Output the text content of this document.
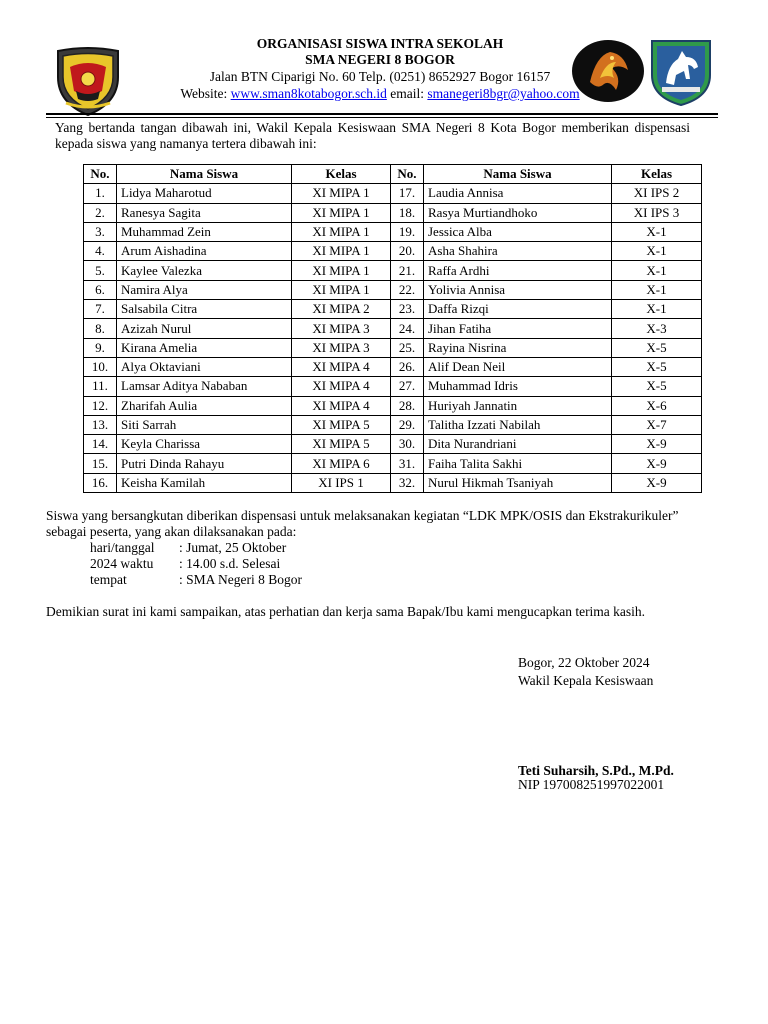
ORGANISASI SISWA INTRA SEKOLAH
SMA NEGERI 8 BOGOR
Jalan BTN Ciparigi No. 60 Telp. (0251) 8652927 Bogor 16157
Website: www.sman8kotabogor.sch.id email: smanegeri8bgr@yahoo.com
Yang bertanda tangan dibawah ini, Wakil Kepala Kesiswaan SMA Negeri 8 Kota Bogor memberikan dispensasi kepada siswa yang namanya tertera dibawah ini:
No.	Nama Siswa	Kelas	No.	Nama Siswa	Kelas
1.	Lidya Maharotud	XI MIPA 1	17.	Laudia Annisa	XI IPS 2
2.	Ranesya Sagita	XI MIPA 1	18.	Rasya Murtiandhoko	XI IPS 3
3.	Muhammad Zein	XI MIPA 1	19.	Jessica Alba	X-1
4.	Arum Aishadina	XI MIPA 1	20.	Asha Shahira	X-1
5.	Kaylee Valezka	XI MIPA 1	21.	Raffa Ardhi	X-1
6.	Namira Alya	XI MIPA 1	22.	Yolivia Annisa	X-1
7.	Salsabila Citra	XI MIPA 2	23.	Daffa Rizqi	X-1
8.	Azizah Nurul	XI MIPA 3	24.	Jihan Fatiha	X-3
9.	Kirana Amelia	XI MIPA 3	25.	Rayina Nisrina	X-5
10.	Alya Oktaviani	XI MIPA 4	26.	Alif Dean Neil	X-5
11.	Lamsar Aditya Nababan	XI MIPA 4	27.	Muhammad Idris	X-5
12.	Zharifah Aulia	XI MIPA 4	28.	Huriyah Jannatin	X-6
13.	Siti Sarrah	XI MIPA 5	29.	Talitha Izzati Nabilah	X-7
14.	Keyla Charissa	XI MIPA 5	30.	Dita Nurandriani	X-9
15.	Putri Dinda Rahayu	XI MIPA 6	31.	Faiha Talita Sakhi	X-9
16.	Keisha Kamilah	XI IPS 1	32.	Nurul Hikmah Tsaniyah	X-9
Siswa yang bersangkutan diberikan dispensasi untuk melaksanakan kegiatan “LDK MPK/OSIS dan Ekstrakurikuler” sebagai peserta, yang akan dilaksanakan pada:
hari/tanggal : Jumat, 25 Oktober
2024 waktu : 14.00 s.d. Selesai
tempat	: SMA Negeri 8 Bogor
Demikian surat ini kami sampaikan, atas perhatian dan kerja sama Bapak/Ibu kami mengucapkan terima kasih.
Bogor, 22 Oktober 2024
Wakil Kepala Kesiswaan
Teti Suharsih, S.Pd., M.Pd.
NIP 197008251997022001
